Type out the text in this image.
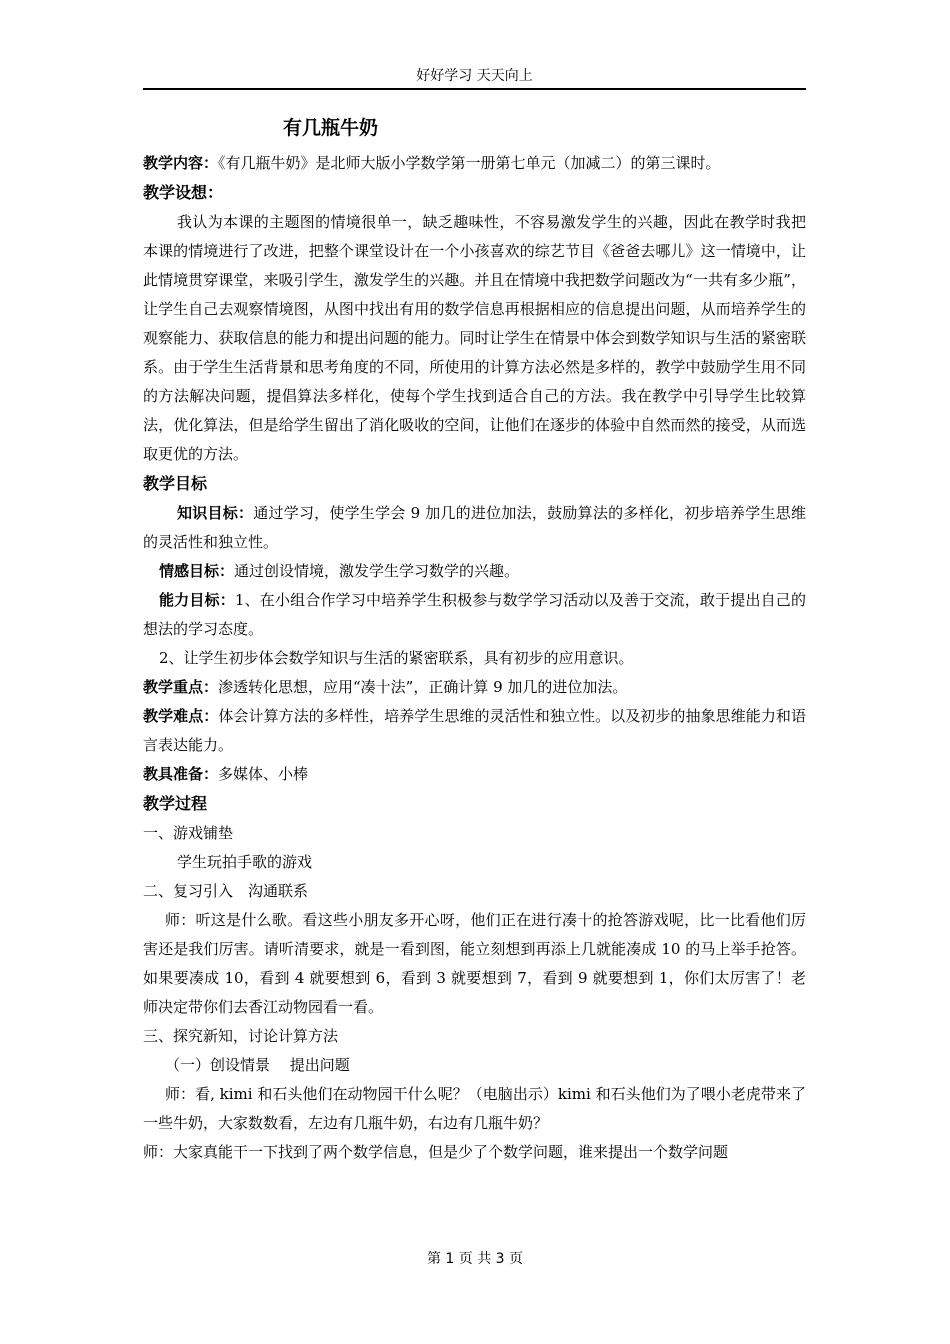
好好学习 天天向上
有几瓶牛奶

教学内容：《有几瓶牛奶》是北师大版小学数学第一册第七单元（加减二）的第三课时。

教学设想：

我认为本课的主题图的情境很单一，缺乏趣味性，不容易激发学生的兴趣，因此在教学时我把本课的情境进行了改进，把整个课堂设计在一个小孩喜欢的综艺节目《爸爸去哪儿》这一情境中，让此情境贯穿课堂，来吸引学生，激发学生的兴趣。并且在情境中我把数学问题改为“一共有多少瓶”，让学生自己去观察情境图，从图中找出有用的数学信息再根据相应的信息提出问题，从而培养学生的观察能力、获取信息的能力和提出问题的能力。同时让学生在情景中体会到数学知识与生活的紧密联系。由于学生生活背景和思考角度的不同，所使用的计算方法必然是多样的，教学中鼓励学生用不同的方法解决问题，提倡算法多样化，使每个学生找到适合自己的方法。我在教学中引导学生比较算法，优化算法，但是给学生留出了消化吸收的空间，让他们在逐步的体验中自然而然的接受，从而选取更优的方法。

教学目标

知识目标：通过学习，使学生学会 9 加几的进位加法，鼓励算法的多样化，初步培养学生思维的灵活性和独立性。

情感目标：通过创设情境，激发学生学习数学的兴趣。

能力目标：1、在小组合作学习中培养学生积极参与数学学习活动以及善于交流，敢于提出自己的想法的学习态度。

2、让学生初步体会数学知识与生活的紧密联系，具有初步的应用意识。

教学重点：渗透转化思想，应用“凑十法”，正确计算 9 加几的进位加法。

教学难点：体会计算方法的多样性，培养学生思维的灵活性和独立性。以及初步的抽象思维能力和语言表达能力。

教具准备：多媒体、小棒

教学过程

一、游戏铺垫

学生玩拍手歌的游戏

二、复习引入　沟通联系

师：听这是什么歌。看这些小朋友多开心呀，他们正在进行凑十的抢答游戏呢，比一比看他们厉害还是我们厉害。请听清要求，就是一看到图，能立刻想到再添上几就能凑成 10 的马上举手抢答。如果要凑成 10，看到 4 就要想到 6，看到 3 就要想到 7，看到 9 就要想到 1，你们太厉害了！老师决定带你们去香江动物园看一看。

三、探究新知，讨论计算方法

（一）创设情景　 提出问题

师：看, kimi 和石头他们在动物园干什么呢？（电脑出示）kimi 和石头他们为了喂小老虎带来了一些牛奶，大家数数看，左边有几瓶牛奶，右边有几瓶牛奶？

师：大家真能干一下找到了两个数学信息，但是少了个数学问题，谁来提出一个数学问题

第 1 页 共 3 页
